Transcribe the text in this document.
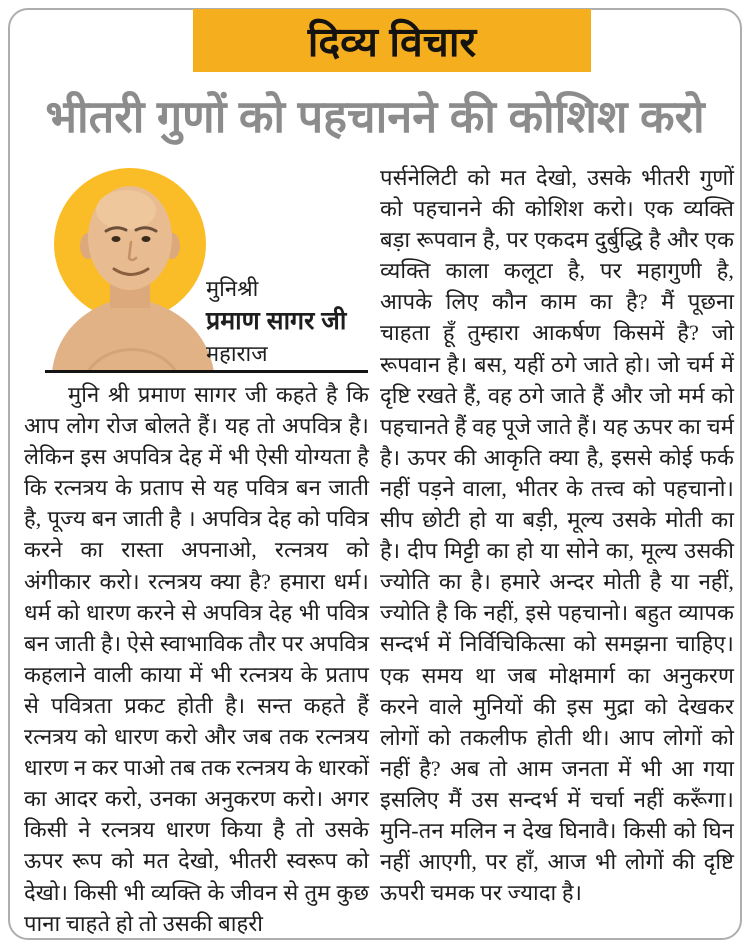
दिव्य विचार
भीतरी गुणों को पहचानने की कोशिश करो

मुनिश्री

प्रमाण सागर जी

महाराज

मुनि श्री प्रमाण सागर जी कहते है कि आप लोग रोज बोलते हैं। यह तो अपवित्र है। लेकिन इस अपवित्र देह में भी ऐसी योग्यता है कि रत्नत्रय के प्रताप से यह पवित्र बन जाती है, पूज्य बन जाती है । अपवित्र देह को पवित्र करने का रास्ता अपनाओ, रत्नत्रय को अंगीकार करो। रत्नत्रय क्या है? हमारा धर्म। धर्म को धारण करने से अपवित्र देह भी पवित्र बन जाती है। ऐसे स्वाभाविक तौर पर अपवित्र कहलाने वाली काया में भी रत्नत्रय के प्रताप से पवित्रता प्रकट होती है। सन्त कहते हैं रत्नत्रय को धारण करो और जब तक रत्नत्रय धारण न कर पाओ तब तक रत्नत्रय के धारकों का आदर करो, उनका अनुकरण करो। अगर किसी ने रत्नत्रय धारण किया है तो उसके ऊपर रूप को मत देखो, भीतरी स्वरूप को देखो। किसी भी व्यक्ति के जीवन से तुम कुछ पाना चाहते हो तो उसकी बाहरी

पर्सनेलिटी को मत देखो, उसके भीतरी गुणों को पहचानने की कोशिश करो। एक व्यक्ति बड़ा रूपवान है, पर एकदम दुर्बुद्धि है और एक व्यक्ति काला कलूटा है, पर महागुणी है, आपके लिए कौन काम का है? मैं पूछना चाहता हूँ तुम्हारा आकर्षण किसमें है? जो रूपवान है। बस, यहीं ठगे जाते हो। जो चर्म में दृष्टि रखते हैं, वह ठगे जाते हैं और जो मर्म को पहचानते हैं वह पूजे जाते हैं। यह ऊपर का चर्म है। ऊपर की आकृति क्या है, इससे कोई फर्क नहीं पड़ने वाला, भीतर के तत्त्व को पहचानो। सीप छोटी हो या बड़ी, मूल्य उसके मोती का है। दीप मिट्टी का हो या सोने का, मूल्य उसकी ज्योति का है। हमारे अन्दर मोती है या नहीं, ज्योति है कि नहीं, इसे पहचानो। बहुत व्यापक सन्दर्भ में निर्विचिकित्सा को समझना चाहिए। एक समय था जब मोक्षमार्ग का अनुकरण करने वाले मुनियों की इस मुद्रा को देखकर लोगों को तकलीफ होती थी। आप लोगों को नहीं है? अब तो आम जनता में भी आ गया इसलिए मैं उस सन्दर्भ में चर्चा नहीं करूँगा। मुनि-तन मलिन न देख घिनावै। किसी को घिन नहीं आएगी, पर हाँ, आज भी लोगों की दृष्टि ऊपरी चमक पर ज्यादा है।
